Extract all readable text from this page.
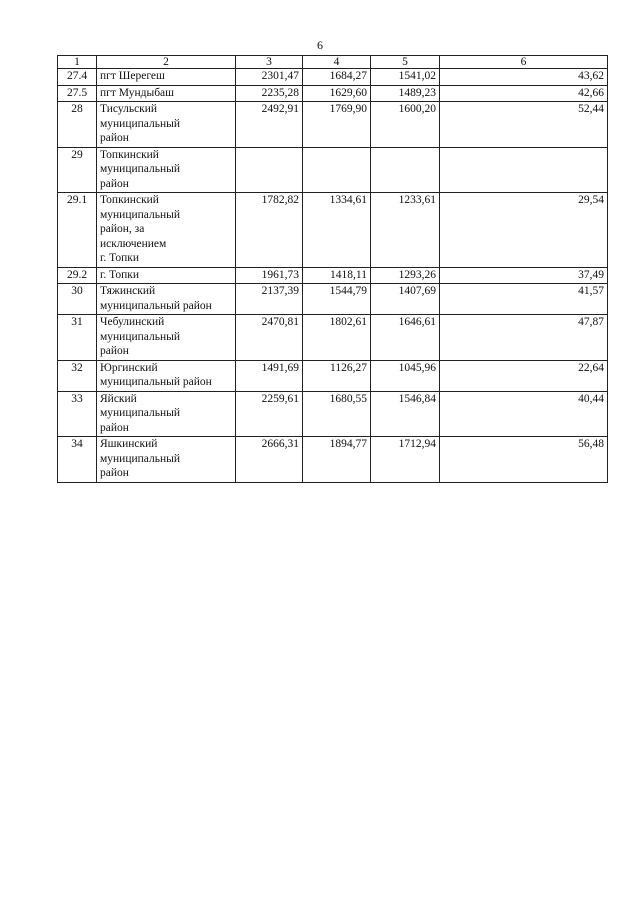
6
1	2	3	4	5	6
27.4	пгт Шерегеш	2301,47	1684,27	1541,02	43,62
27.5	пгт Мундыбаш	2235,28	1629,60	1489,23	42,66
28	Тисульский
муниципальный
район	2492,91	1769,90	1600,20	52,44
29	Топкинский
муниципальный
район				
29.1	Топкинский
муниципальный
район, за
исключением
г. Топки	1782,82	1334,61	1233,61	29,54
29.2	г. Топки	1961,73	1418,11	1293,26	37,49
30	Тяжинский
муниципальный район	2137,39	1544,79	1407,69	41,57
31	Чебулинский
муниципальный
район	2470,81	1802,61	1646,61	47,87
32	Юргинский
муниципальный район	1491,69	1126,27	1045,96	22,64
33	Яйский
муниципальный
район	2259,61	1680,55	1546,84	40,44
34	Яшкинский
муниципальный
район	2666,31	1894,77	1712,94	56,48
